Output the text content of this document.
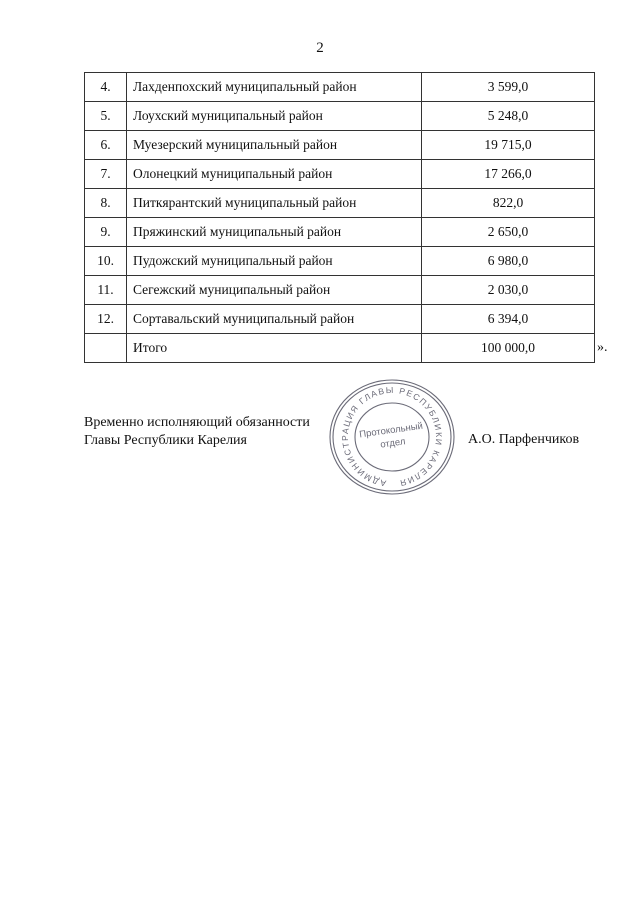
2
4.	Лахденпохский муниципальный район	3 599,0
5.	Лоухский муниципальный район	5 248,0
6.	Муезерский муниципальный район	19 715,0
7.	Олонецкий муниципальный район	17 266,0
8.	Питкярантский муниципальный район	822,0
9.	Пряжинский муниципальный район	2 650,0
10.	Пудожский муниципальный район	6 980,0
11.	Сегежский муниципальный район	2 030,0
12.	Сортавальский муниципальный район	6 394,0
	Итого	100 000,0	».
Временно исполняющий обязанности
Главы Республики Карелия	А.О. Парфенчиков
АДМИНИСТРАЦИЯ ГЛАВЫ РЕСПУБЛИКИ КАРЕЛИЯ
Протокольный
отдел
